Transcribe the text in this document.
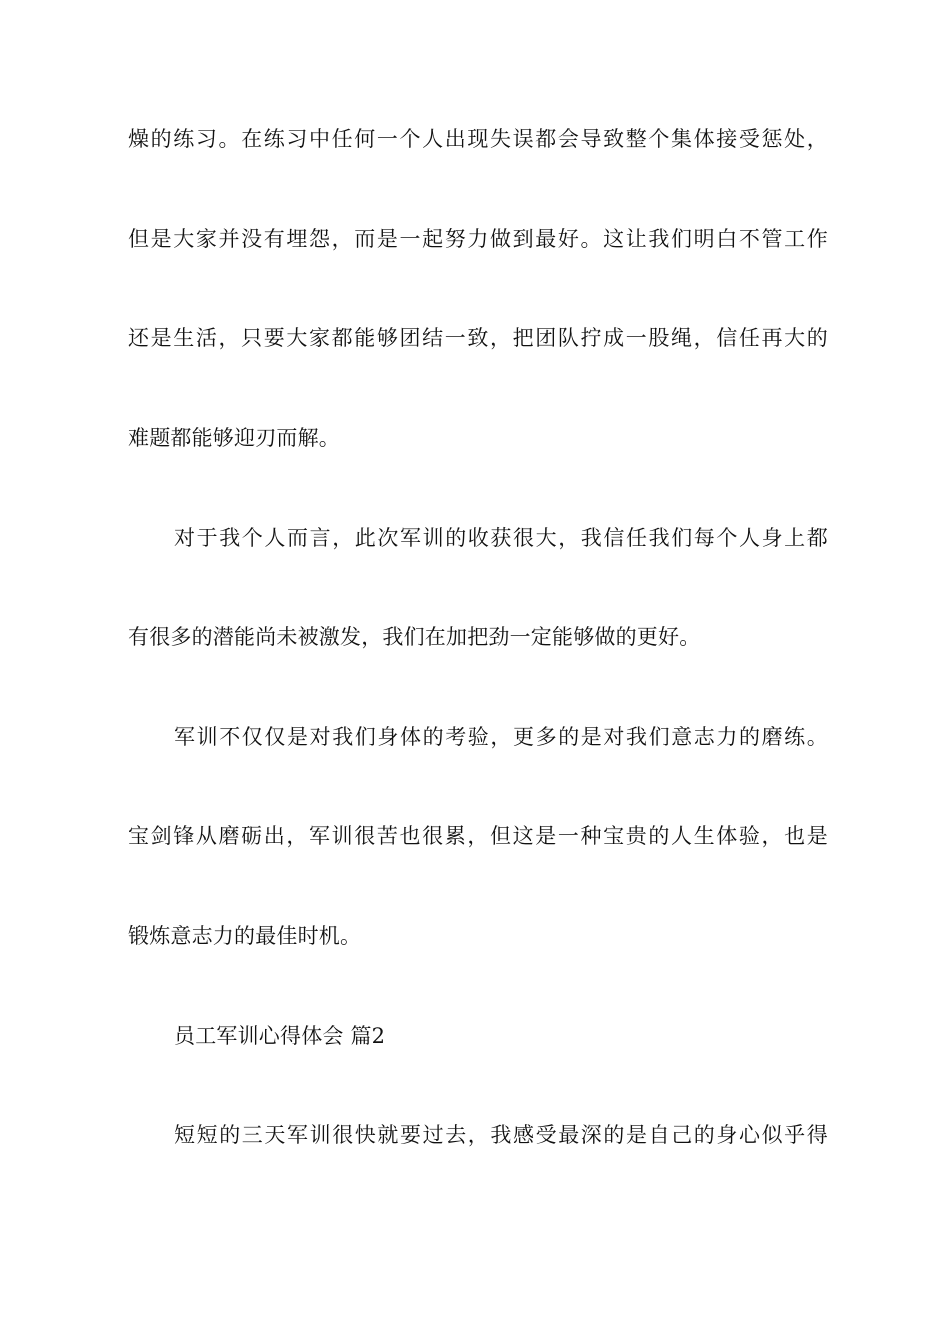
燥的练习。在练习中任何一个人出现失误都会导致整个集体接受惩处，
但是大家并没有埋怨，而是一起努力做到最好。这让我们明白不管工作
还是生活，只要大家都能够团结一致，把团队拧成一股绳，信任再大的
难题都能够迎刃而解。
对于我个人而言，此次军训的收获很大，我信任我们每个人身上都
有很多的潜能尚未被激发，我们在加把劲一定能够做的更好。
军训不仅仅是对我们身体的考验，更多的是对我们意志力的磨练。
宝剑锋从磨砺出，军训很苦也很累，但这是一种宝贵的人生体验，也是
锻炼意志力的最佳时机。
员工军训心得体会 篇2
短短的三天军训很快就要过去，我感受最深的是自己的身心似乎得
